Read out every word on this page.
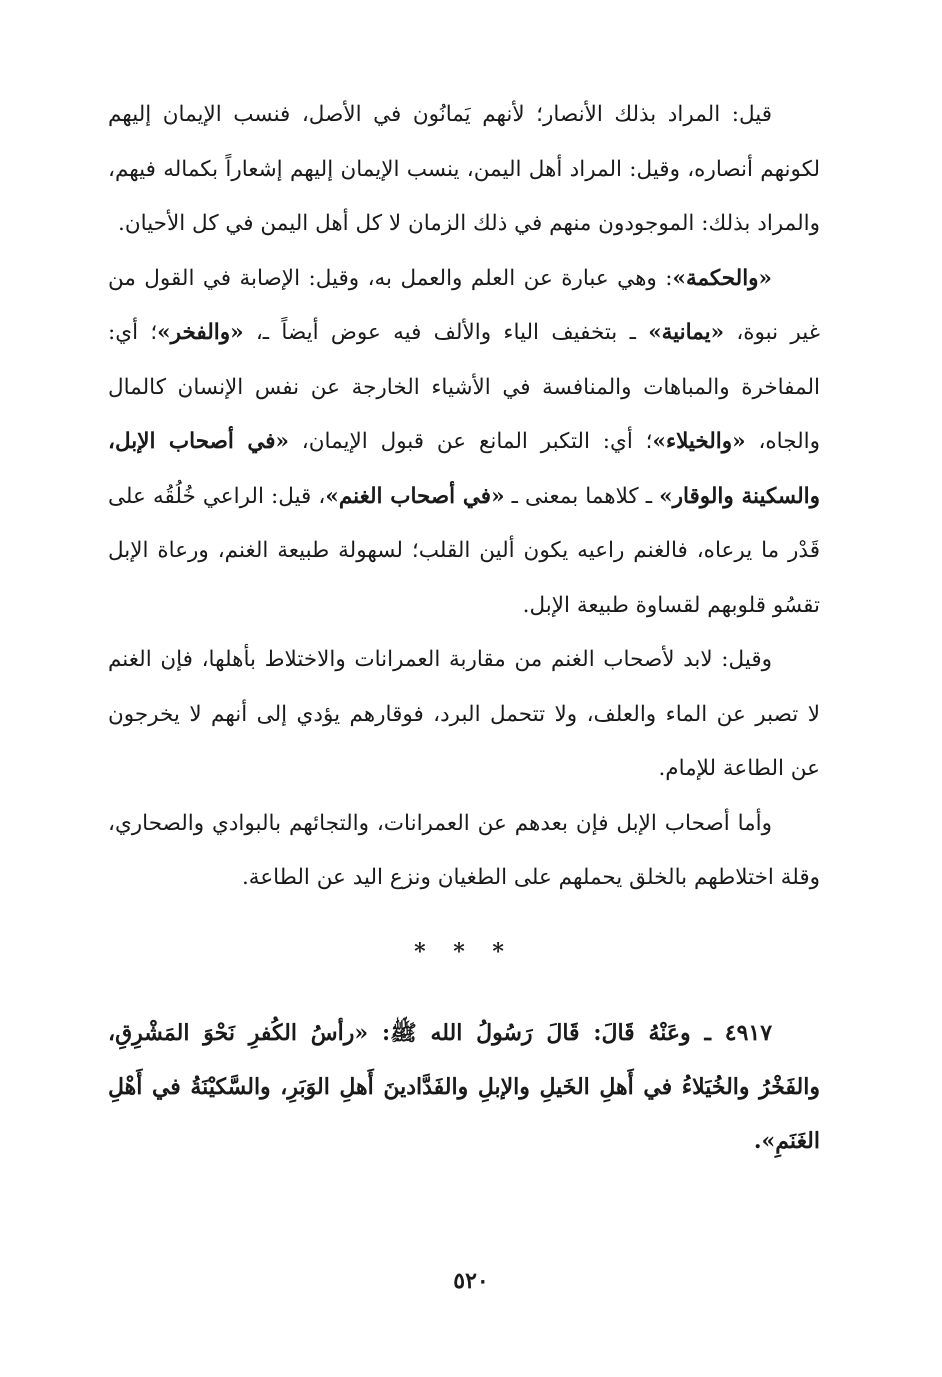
قيل: المراد بذلك الأنصار؛ لأنهم يَمانُون في الأصل، فنسب الإيمان إليهم لكونهم أنصاره، وقيل: المراد أهل اليمن، ينسب الإيمان إليهم إشعاراً بكماله فيهم، والمراد بذلك: الموجودون منهم في ذلك الزمان لا كل أهل اليمن في كل الأحيان.

«والحكمة»: وهي عبارة عن العلم والعمل به، وقيل: الإصابة في القول من غير نبوة، «يمانية» ـ بتخفيف الياء والألف فيه عوض أيضاً ـ، «والفخر»؛ أي: المفاخرة والمباهات والمنافسة في الأشياء الخارجة عن نفس الإنسان كالمال والجاه، «والخيلاء»؛ أي: التكبر المانع عن قبول الإيمان، «في أصحاب الإبل، والسكينة والوقار» ـ كلاهما بمعنى ـ «في أصحاب الغنم»، قيل: الراعي خُلُقُه على قَدْر ما يرعاه، فالغنم راعيه يكون ألين القلب؛ لسهولة طبيعة الغنم، ورعاة الإبل تقسُو قلوبهم لقساوة طبيعة الإبل.

وقيل: لابد لأصحاب الغنم من مقاربة العمرانات والاختلاط بأهلها، فإن الغنم لا تصبر عن الماء والعلف، ولا تتحمل البرد، فوقارهم يؤدي إلى أنهم لا يخرجون عن الطاعة للإمام.

وأما أصحاب الإبل فإن بعدهم عن العمرانات، والتجائهم بالبوادي والصحاري، وقلة اختلاطهم بالخلق يحملهم على الطغيان ونزع اليد عن الطاعة.

* * *

٤٩١٧ ـ وعَنْهُ قَالَ: قَالَ رَسُولُ الله ﷺ: «رأسُ الكُفرِ نَحْوَ المَشْرِقِ، والفَخْرُ والخُيَلاءُ في أَهلِ الخَيلِ والإبلِ والفَدَّادينَ أَهلِ الوَبَرِ، والسَّكيْنَةُ في أَهْلِ الغَنَمِ».

٥٢٠
